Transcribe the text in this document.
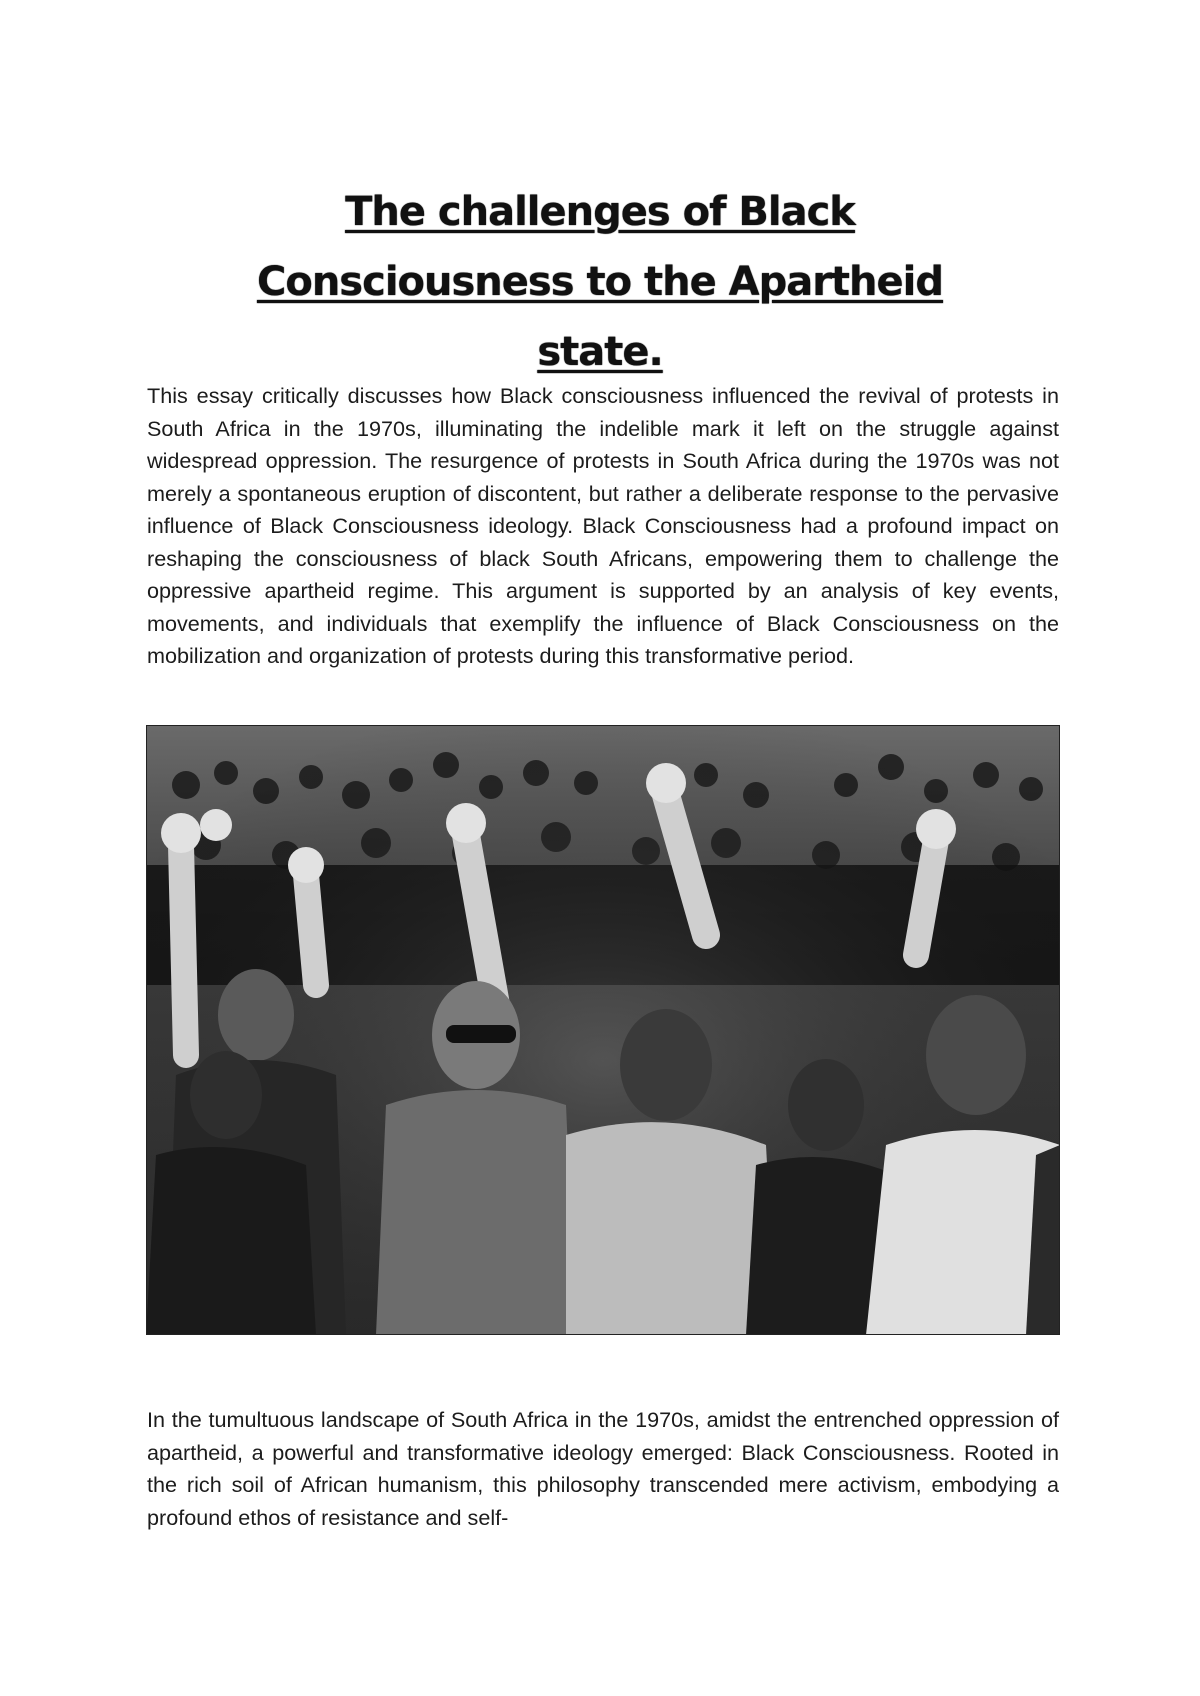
The challenges of Black
Consciousness to the Apartheid
state.

This essay critically discusses how Black consciousness influenced the revival of protests in South Africa in the 1970s, illuminating the indelible mark it left on the struggle against widespread oppression. The resurgence of protests in South Africa during the 1970s was not merely a spontaneous eruption of discontent, but rather a deliberate response to the pervasive influence of Black Consciousness ideology. Black Consciousness had a profound impact on reshaping the consciousness of black South Africans, empowering them to challenge the oppressive apartheid regime. This argument is supported by an analysis of key events, movements, and individuals that exemplify the influence of Black Consciousness on the mobilization and organization of protests during this transformative period.

In the tumultuous landscape of South Africa in the 1970s, amidst the entrenched oppression of apartheid, a powerful and transformative ideology emerged: Black Consciousness. Rooted in the rich soil of African humanism, this philosophy transcended mere activism, embodying a profound ethos of resistance and self-
